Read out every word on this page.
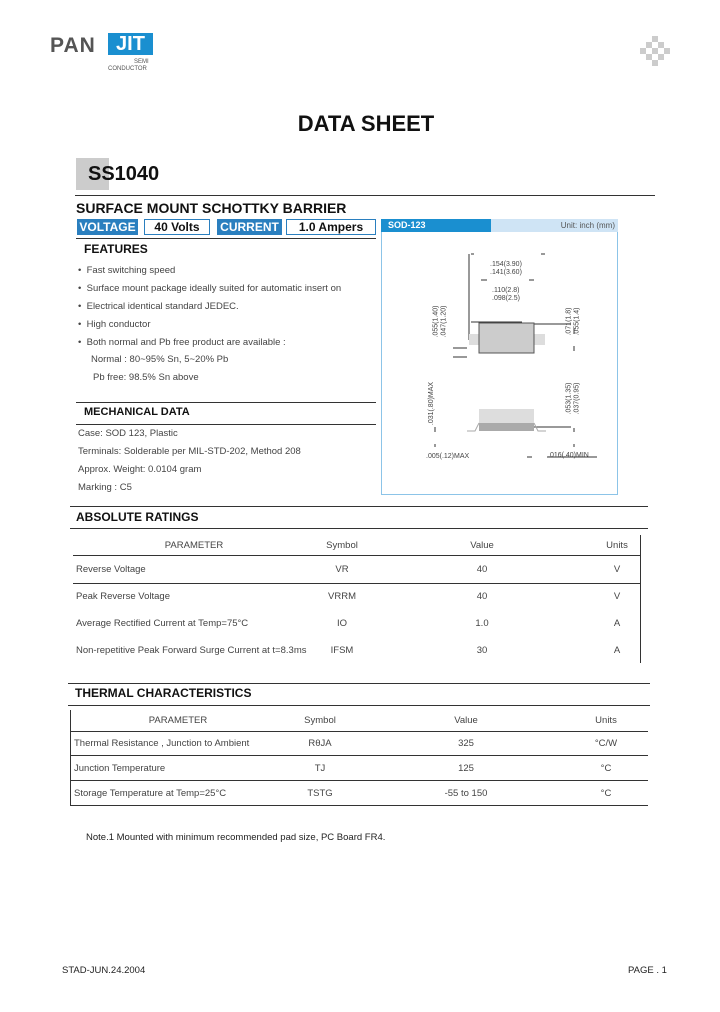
PAN	JIT
SEMI
CONDUCTOR
DATA SHEET
SS1040
SURFACE MOUNT SCHOTTKY BARRIER
VOLTAGE	40 Volts	CURRENT	1.0 Ampers
FEATURES
•  Fast switching speed
•  Surface mount package ideally suited for automatic insert on
•  Electrical identical standard JEDEC.
•  High conductor
•  Both normal and Pb free product are available :
Normal : 80~95% Sn, 5~20% Pb
Pb free: 98.5% Sn above
MECHANICAL DATA
Case: SOD 123, Plastic
Terminals: Solderable per MIL-STD-202, Method 208
Approx. Weight: 0.0104 gram
Marking : C5
SOD-123	Unit: inch (mm)
.154(3.90)
.141(3.60)
.110(2.8)
.098(2.5)
.055(1.40) .047(1.20)	.071(1.8) .055(1.4)
.053(1.35) .037(0.95)
.031(.80)MAX
.005(.12)MAX	.016(.40)MIN
ABSOLUTE RATINGS
PARAMETER	Symbol	Value	Units
Reverse Voltage	VR	40	V
Peak Reverse Voltage	VRRM	40	V
Average Rectified Current at Temp=75°C	IO	1.0	A
Non-repetitive Peak Forward Surge Current at t=8.3ms	IFSM	30	A
THERMAL CHARACTERISTICS
PARAMETER	Symbol	Value	Units
Thermal Resistance , Junction to Ambient	RθJA	325	°C/W
Junction Temperature	TJ	125	°C
Storage Temperature at Temp=25°C	TSTG	-55 to 150	°C
Note.1 Mounted with minimum recommended pad size, PC Board FR4.
STAD-JUN.24.2004	PAGE . 1
